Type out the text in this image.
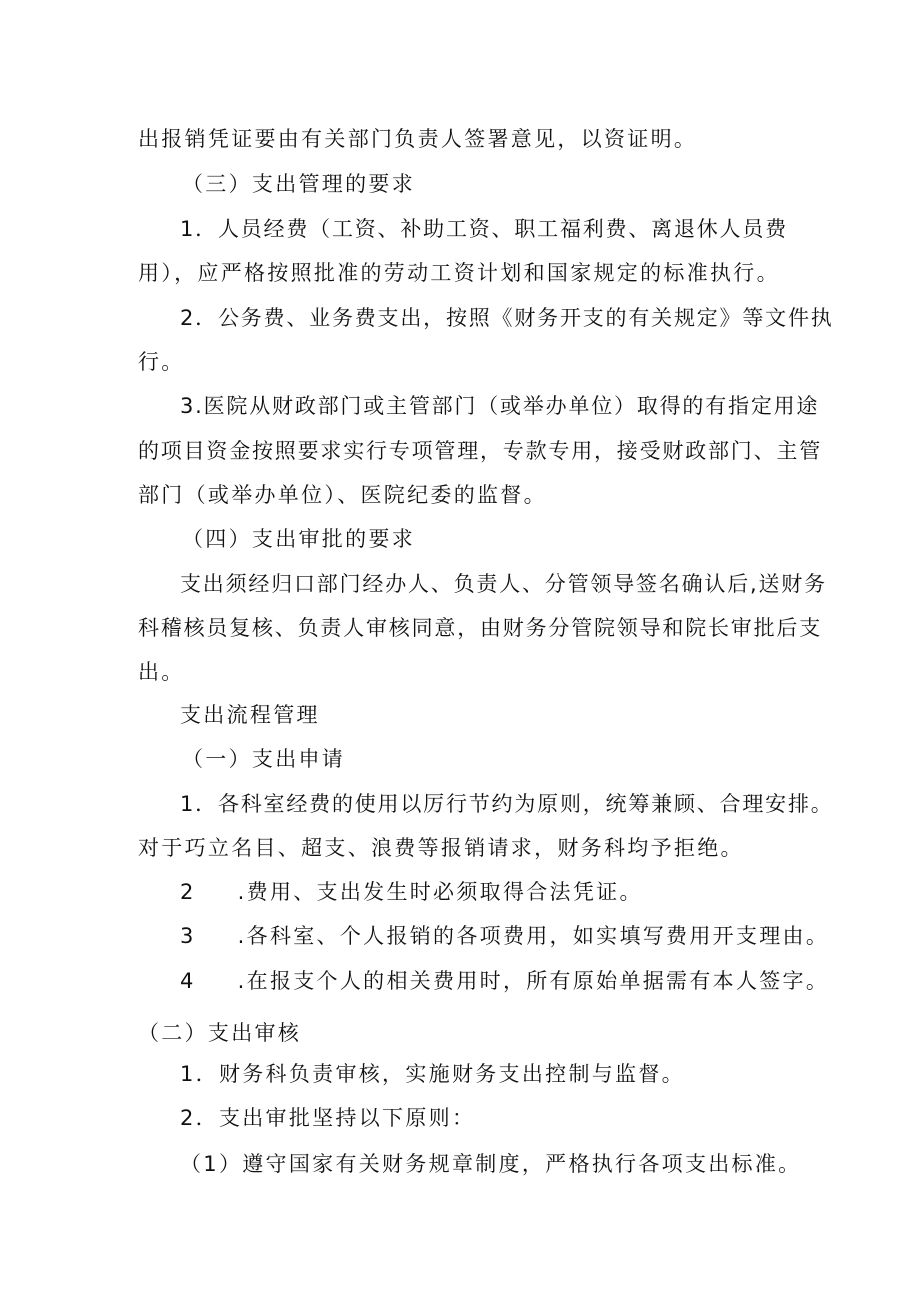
出报销凭证要由有关部门负责人签署意见，以资证明。

（三）支出管理的要求

1．人员经费（工资、补助工资、职工福利费、离退休人员费

用），应严格按照批准的劳动工资计划和国家规定的标准执行。

2．公务费、业务费支出，按照《财务开支的有关规定》等文件执

行。

3.医院从财政部门或主管部门（或举办单位）取得的有指定用途

的项目资金按照要求实行专项管理，专款专用，接受财政部门、主管

部门（或举办单位）、医院纪委的监督。

（四）支出审批的要求

支出须经归口部门经办人、负责人、分管领导签名确认后,送财务

科稽核员复核、负责人审核同意，由财务分管院领导和院长审批后支

出。

支出流程管理

（一）支出申请

1．各科室经费的使用以厉行节约为原则，统筹兼顾、合理安排。

对于巧立名目、超支、浪费等报销请求，财务科均予拒绝。

2 .费用、支出发生时必须取得合法凭证。

3 .各科室、个人报销的各项费用，如实填写费用开支理由。

4 .在报支个人的相关费用时，所有原始单据需有本人签字。

（二）支出审核

1．财务科负责审核，实施财务支出控制与监督。

2．支出审批坚持以下原则：

（1）遵守国家有关财务规章制度，严格执行各项支出标准。
